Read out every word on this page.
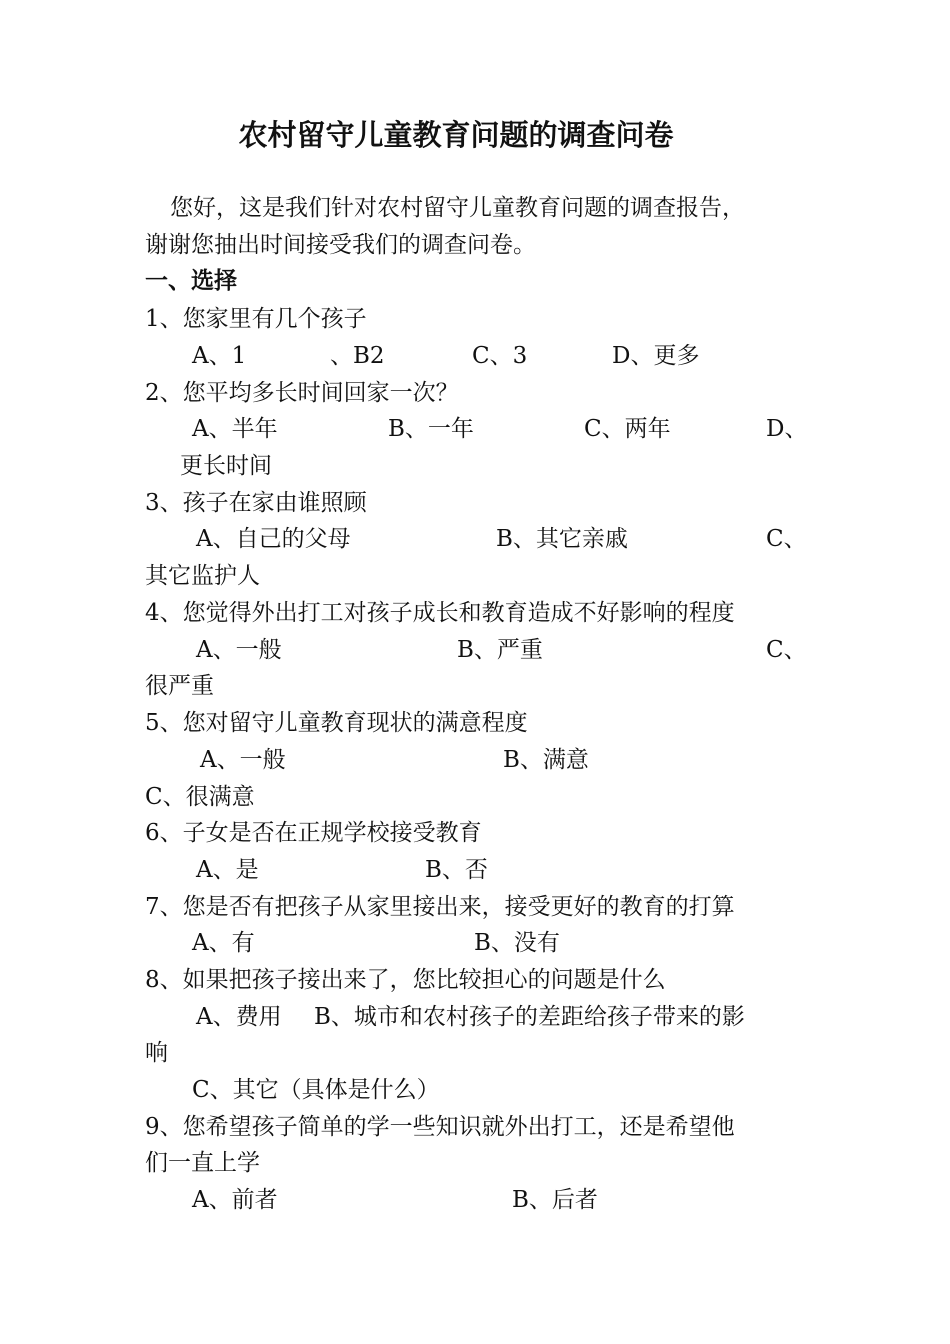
农村留守儿童教育问题的调查问卷
您好，这是我们针对农村留守儿童教育问题的调查报告，
谢谢您抽出时间接受我们的调查问卷。
一、选择
1、您家里有几个孩子
A、1	、B2	C、3	D、更多
2、您平均多长时间回家一次？
A、半年	B、一年	C、两年	D、
更长时间
3、孩子在家由谁照顾
A、自己的父母	B、其它亲戚	C、
其它监护人
4、您觉得外出打工对孩子成长和教育造成不好影响的程度
A、一般	B、严重	C、
很严重
5、您对留守儿童教育现状的满意程度
A、一般	B、满意
C、很满意
6、子女是否在正规学校接受教育
A、是	B、否
7、您是否有把孩子从家里接出来，接受更好的教育的打算
A、有	B、没有
8、如果把孩子接出来了，您比较担心的问题是什么
A、费用 B、城市和农村孩子的差距给孩子带来的影
响
C、其它（具体是什么）
9、您希望孩子简单的学一些知识就外出打工，还是希望他
们一直上学
A、前者	B、后者
